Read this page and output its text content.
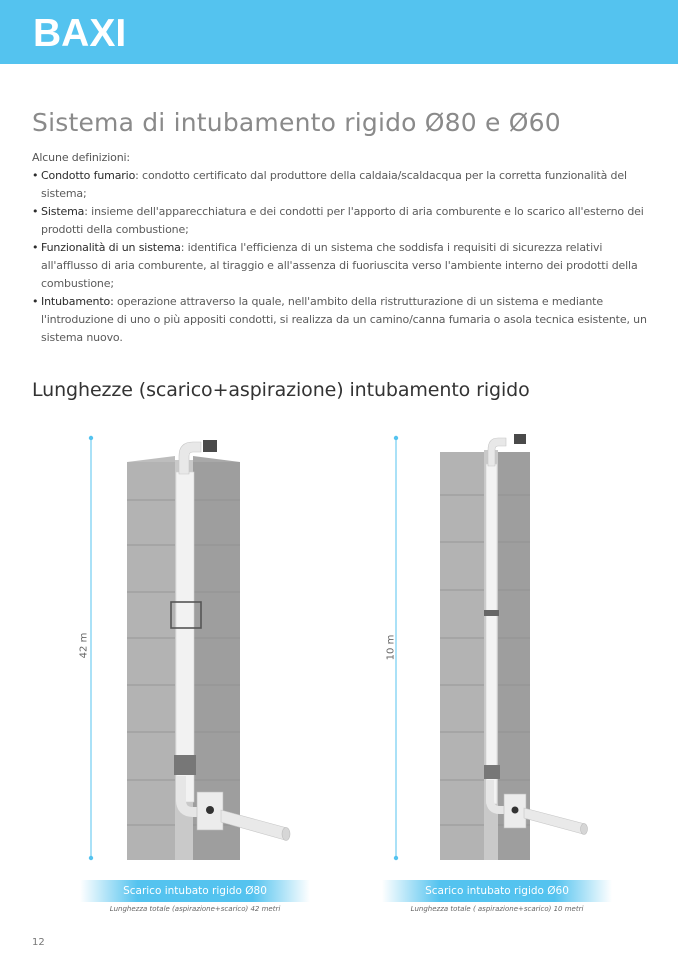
BAXI
Sistema di intubamento rigido Ø80 e Ø60
Alcune definizioni:
• Condotto fumario: condotto certificato dal produttore della caldaia/scaldacqua per la corretta funzionalità del sistema;
• Sistema: insieme dell'apparecchiatura e dei condotti per l'apporto di aria comburente e lo scarico all'esterno dei prodotti della combustione;
• Funzionalità di un sistema: identifica l'efficienza di un sistema che soddisfa i requisiti di sicurezza relativi all'afflusso di aria comburente, al tiraggio e all'assenza di fuoriuscita verso l'ambiente interno dei prodotti della combustione;
• Intubamento: operazione attraverso la quale, nell'ambito della ristrutturazione di un sistema e mediante l'introduzione di uno o più appositi condotti, si realizza da un camino/canna fumaria o asola tecnica esistente, un sistema nuovo.
Lunghezze (scarico+aspirazione) intubamento rigido
42 m	10 m
Scarico intubato rigido Ø80
Lunghezza totale (aspirazione+scarico) 42 metri
Scarico intubato rigido Ø60
Lunghezza totale ( aspirazione+scarico) 10 metri
12
